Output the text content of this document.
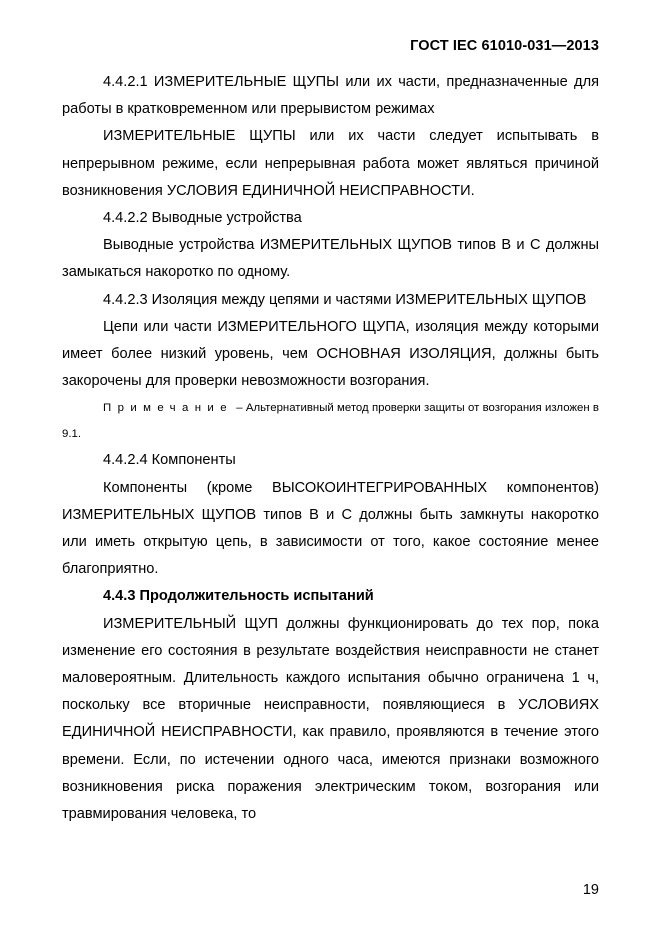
ГОСТ IEC 61010-031—2013

4.4.2.1 ИЗМЕРИТЕЛЬНЫЕ ЩУПЫ или их части, предназначенные для работы в кратковременном или прерывистом режимах

ИЗМЕРИТЕЛЬНЫЕ ЩУПЫ или их части следует испытывать в непрерывном режиме, если непрерывная работа может являться причиной возникновения УСЛОВИЯ ЕДИНИЧНОЙ НЕИСПРАВНОСТИ.

4.4.2.2 Выводные устройства

Выводные устройства ИЗМЕРИТЕЛЬНЫХ ЩУПОВ типов В и С должны замыкаться накоротко по одному.

4.4.2.3 Изоляция между цепями и частями ИЗМЕРИТЕЛЬНЫХ ЩУПОВ

Цепи или части ИЗМЕРИТЕЛЬНОГО ЩУПА, изоляция между которыми имеет более низкий уровень, чем ОСНОВНАЯ ИЗОЛЯЦИЯ, должны быть закорочены для проверки невозможности возгорания.

Примечание – Альтернативный метод проверки защиты от возгорания изложен в 9.1.

4.4.2.4 Компоненты

Компоненты (кроме ВЫСОКОИНТЕГРИРОВАННЫХ компонентов) ИЗМЕРИТЕЛЬНЫХ ЩУПОВ типов В и С должны быть замкнуты накоротко или иметь открытую цепь, в зависимости от того, какое состояние менее благоприятно.

4.4.3 Продолжительность испытаний

ИЗМЕРИТЕЛЬНЫЙ ЩУП должны функционировать до тех пор, пока изменение его состояния в результате воздействия неисправности не станет маловероятным. Длительность каждого испытания обычно ограничена 1 ч, поскольку все вторичные неисправности, появляющиеся в УСЛОВИЯХ ЕДИНИЧНОЙ НЕИСПРАВНОСТИ, как правило, проявляются в течение этого времени. Если, по истечении одного часа, имеются признаки возможного возникновения риска поражения электрическим током, возгорания или травмирования человека, то

19
